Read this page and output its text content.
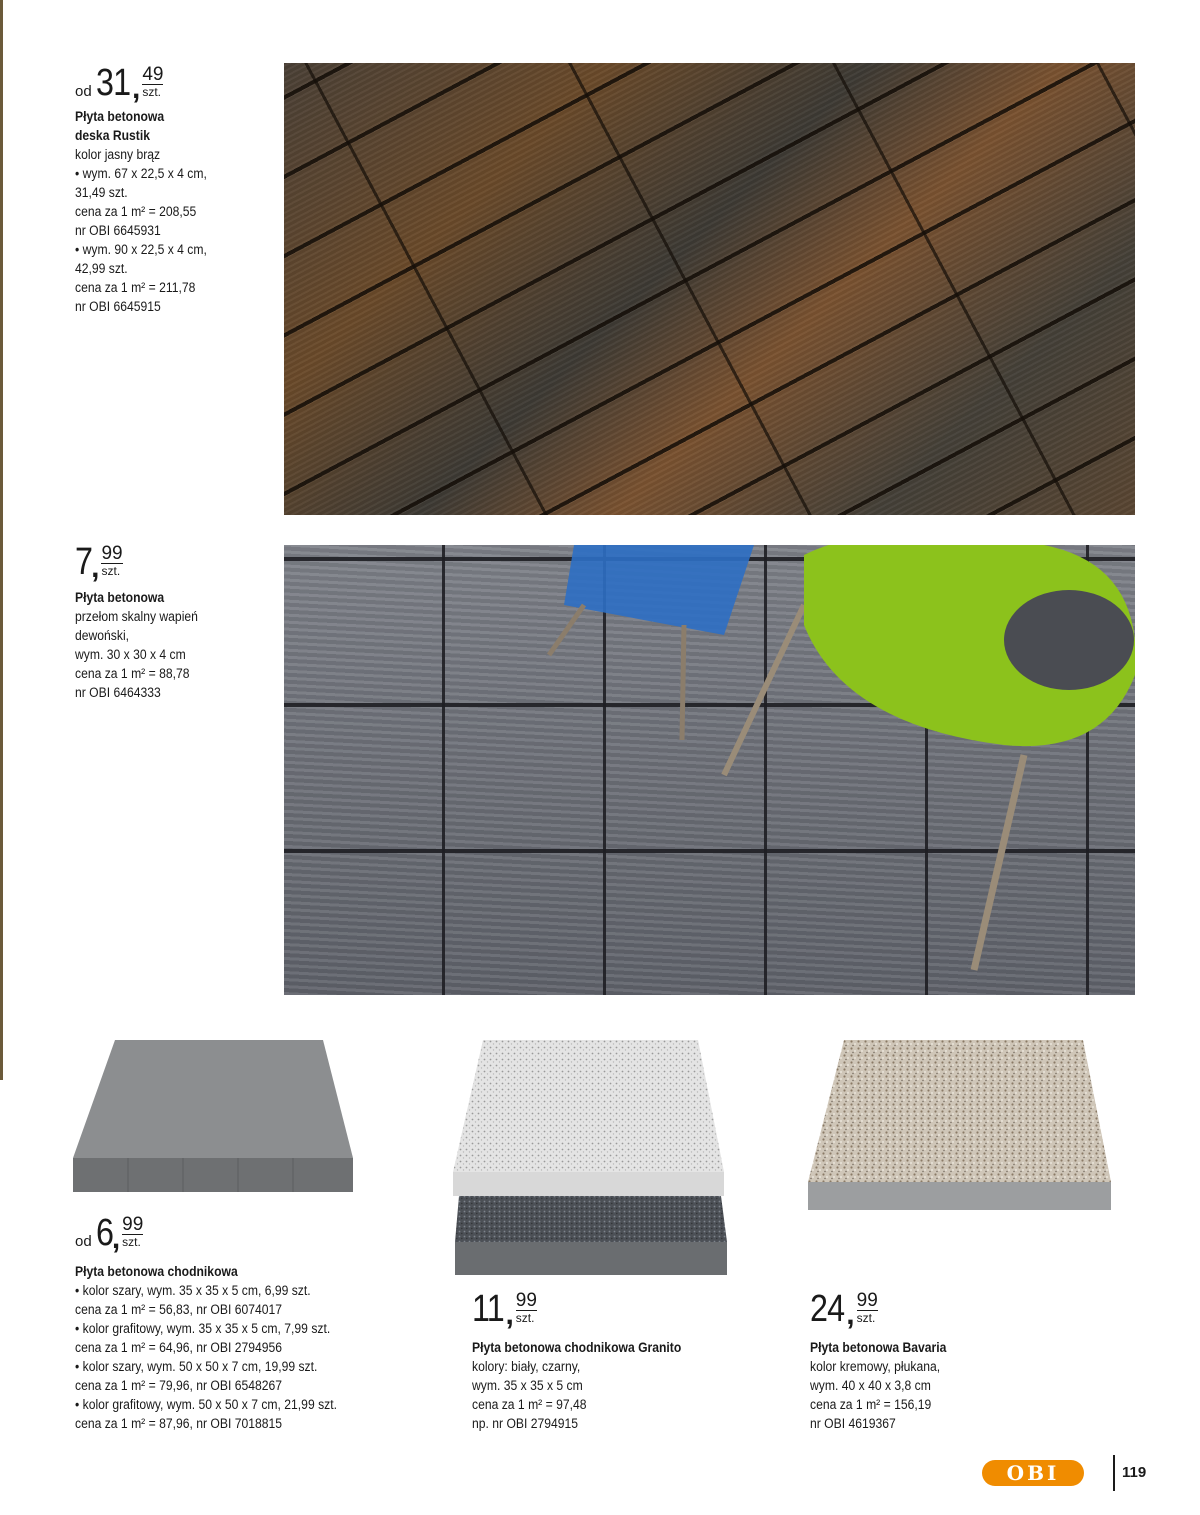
od 31 , $\frac{49}{\text{szt.}}$
Płyta betonowa
deska Rustik
kolor jasny brąz
• wym. 67 x 22,5 x 4 cm,
31,49 szt.
cena za 1 m² = 208,55
nr OBI 6645931
• wym. 90 x 22,5 x 4 cm,
42,99 szt.
cena za 1 m² = 211,78
nr OBI 6645915
7 , $\frac{99}{\text{szt.}}$
Płyta betonowa
przełom skalny wapień
dewoński,
wym. 30 x 30 x 4 cm
cena za 1 m² = 88,78
nr OBI 6464333
od 6 , $\frac{99}{\text{szt.}}$
Płyta betonowa chodnikowa
• kolor szary, wym. 35 x 35 x 5 cm, 6,99 szt.
cena za 1 m² = 56,83, nr OBI 6074017
• kolor grafitowy, wym. 35 x 35 x 5 cm, 7,99 szt.
cena za 1 m² = 64,96, nr OBI 2794956
• kolor szary, wym. 50 x 50 x 7 cm, 19,99 szt.
cena za 1 m² = 79,96, nr OBI 6548267
• kolor grafitowy, wym. 50 x 50 x 7 cm, 21,99 szt.
cena za 1 m² = 87,96, nr OBI 7018815
11 , $\frac{99}{\text{szt.}}$
Płyta betonowa chodnikowa Granito
kolory: biały, czarny,
wym. 35 x 35 x 5 cm
cena za 1 m² = 97,48
np. nr OBI 2794915
24 , $\frac{99}{\text{szt.}}$
Płyta betonowa Bavaria
kolor kremowy, płukana,
wym. 40 x 40 x 3,8 cm
cena za 1 m² = 156,19
nr OBI 4619367
OBI	119
